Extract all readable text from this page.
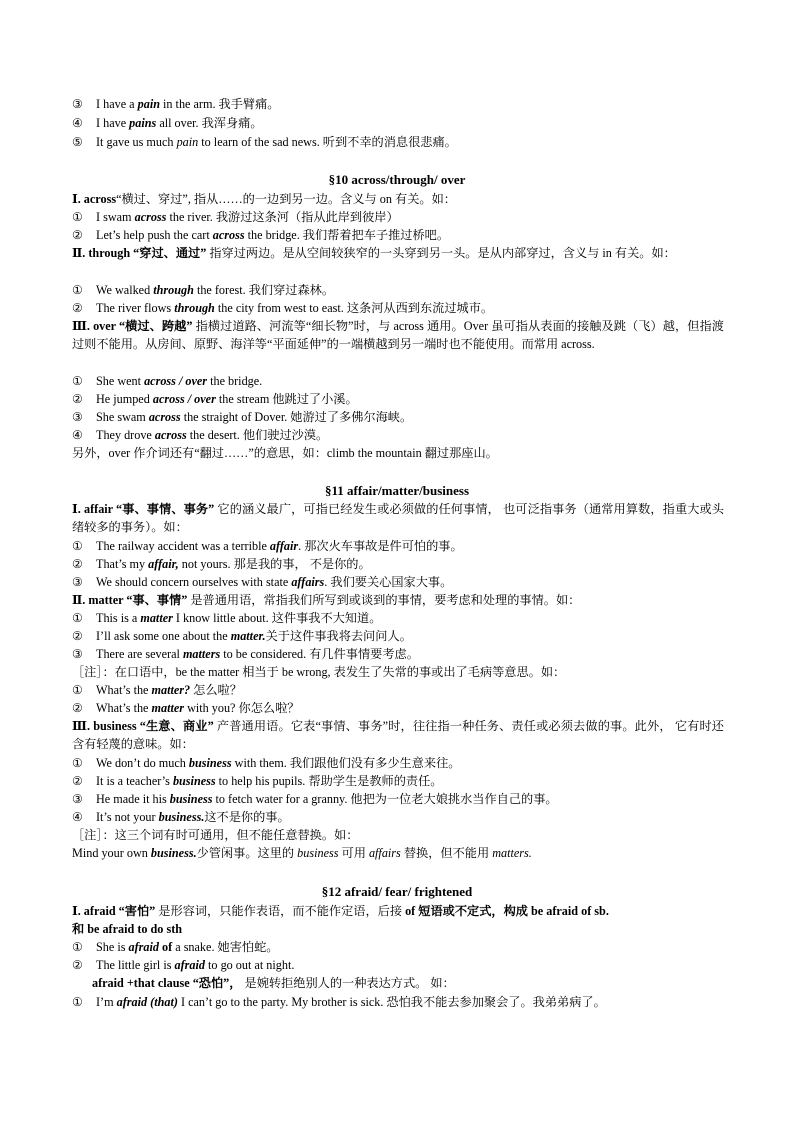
③ I have a pain in the arm. 我手臂痛。
④ I have pains all over. 我浑身痛。
⑤ It gave us much pain to learn of the sad news. 听到不幸的消息很悲痛。
§10 across/through/ over
Ⅰ. across“横过、穿过”, 指从……的一边到另一边。含义与 on 有关。如：
① I swam across the river. 我游过这条河（指从此岸到彼岸）
② Let’s help push the cart across the bridge. 我们帮着把车子推过桥吧。
Ⅱ. through “穿过、通过” 指穿过两边。是从空间较狭窄的一头穿到另一头。是从内部穿过，含义与 in 有关。如：
① We walked through the forest. 我们穿过森林。
② The river flows through the city from west to east. 这条河从西到东流过城市。
Ⅲ. over “横过、跨越” 指横过道路、河流等“细长物”时，与 across 通用。Over 虽可指从表面的接触及跳（飞）越，但指渡过则不能用。从房间、原野、海洋等“平面延伸”的一端横越到另一端时也不能使用。而常用 across.
① She went across / over the bridge.
② He jumped across / over the stream 他跳过了小溪。
③ She swam across the straight of Dover. 她游过了多佛尔海峡。
④ They drove across the desert. 他们驶过沙漠。
另外，over 作介词还有“翻过……”的意思，如：climb the mountain 翻过那座山。
§11 affair/matter/business
Ⅰ. affair “事、事情、事务” 它的涵义最广，可指已经发生或必须做的任何事情， 也可泛指事务（通常用算数，指重大或头绪较多的事务）。如：
① The railway accident was a terrible affair. 那次火车事故是件可怕的事。
② That’s my affair, not yours. 那是我的事， 不是你的。
③ We should concern ourselves with state affairs. 我们要关心国家大事。
Ⅱ. matter “事、事情” 是普通用语，常指我们所写到或谈到的事情，要考虑和处理的事情。如：
① This is a matter I know little about. 这件事我不大知道。
② I’ll ask some one about the matter.关于这件事我将去问问人。
③ There are several matters to be considered. 有几件事情要考虑。
［注］：在口语中，be the matter 相当于 be wrong, 表发生了失常的事或出了毛病等意思。如：
① What’s the matter? 怎么啦？
② What’s the matter with you? 你怎么啦？
Ⅲ. business “生意、商业” 产普通用语。它表“事情、事务”时，往往指一种任务、责任或必须去做的事。此外， 它有时还含有轻蔑的意味。如：
① We don’t do much business with them. 我们跟他们没有多少生意来往。
② It is a teacher’s business to help his pupils. 帮助学生是教师的责任。
③ He made it his business to fetch water for a granny. 他把为一位老大娘挑水当作自己的事。
④ It’s not your business.这不是你的事。
［注］：这三个词有时可通用，但不能任意替换。如：
Mind your own business.少管闲事。这里的 business 可用 affairs 替换，但不能用 matters.
§12 afraid/ fear/ frightened
Ⅰ. afraid “害怕” 是形容词，只能作表语，而不能作定语，后接 of 短语或不定式，构成 be afraid of sb.
和 be afraid to do sth
① She is afraid of a snake. 她害怕蛇。
② The little girl is afraid to go out at night.
afraid +that clause “恐怕”， 是婉转拒绝别人的一种表达方式。 如：
① I’m afraid (that) I can’t go to the party. My brother is sick. 恐怕我不能去参加聚会了。我弟弟病了。
